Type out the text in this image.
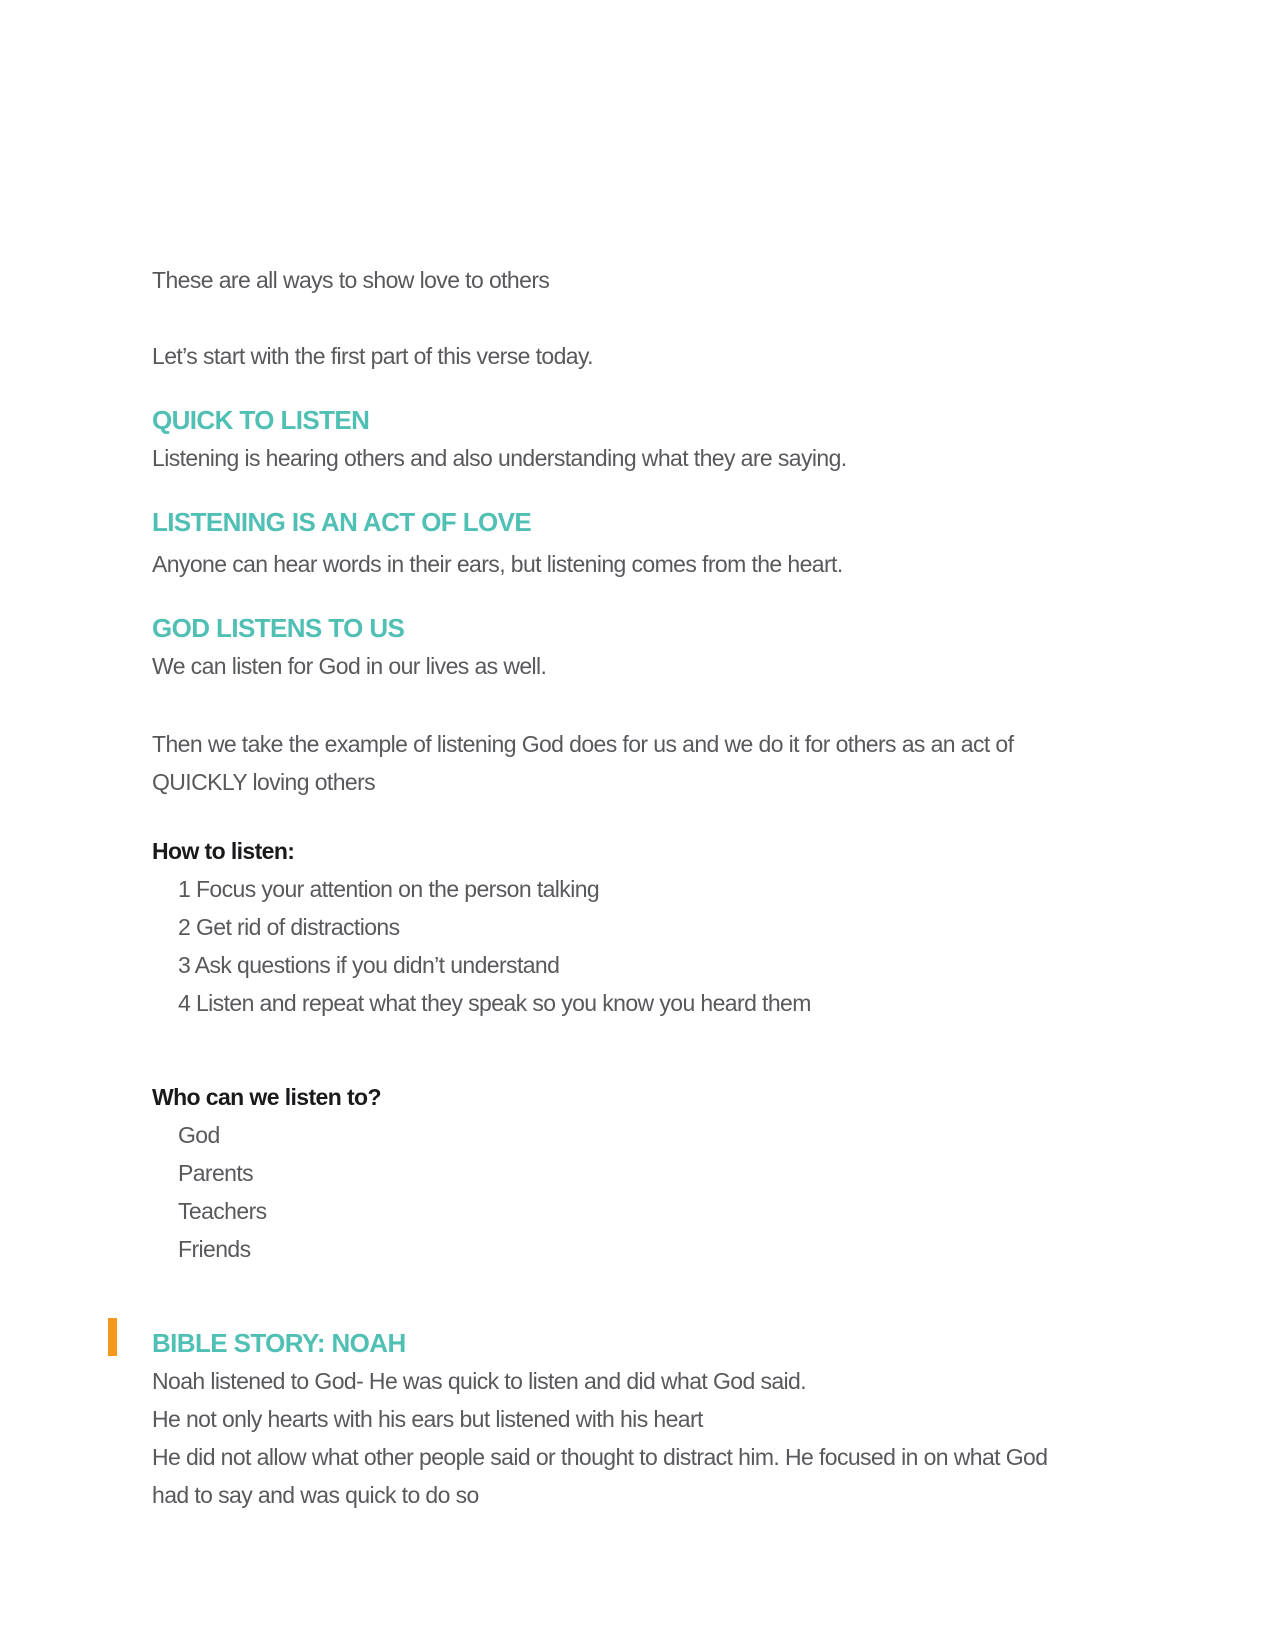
These are all ways to show love to others
Let’s start with the first part of this verse today.
QUICK TO LISTEN
Listening is hearing others and also understanding what they are saying.
LISTENING IS AN ACT OF LOVE
Anyone can hear words in their ears, but listening comes from the heart.
GOD LISTENS TO US
We can listen for God in our lives as well.
Then we take the example of listening God does for us and we do it for others as an act of
QUICKLY loving others
How to listen:
1 Focus your attention on the person talking
2 Get rid of distractions
3 Ask questions if you didn’t understand
4 Listen and repeat what they speak so you know you heard them
Who can we listen to?
God
Parents
Teachers
Friends
BIBLE STORY: NOAH
Noah listened to God- He was quick to listen and did what God said.
He not only hearts with his ears but listened with his heart
He did not allow what other people said or thought to distract him. He focused in on what God
had to say and was quick to do so
